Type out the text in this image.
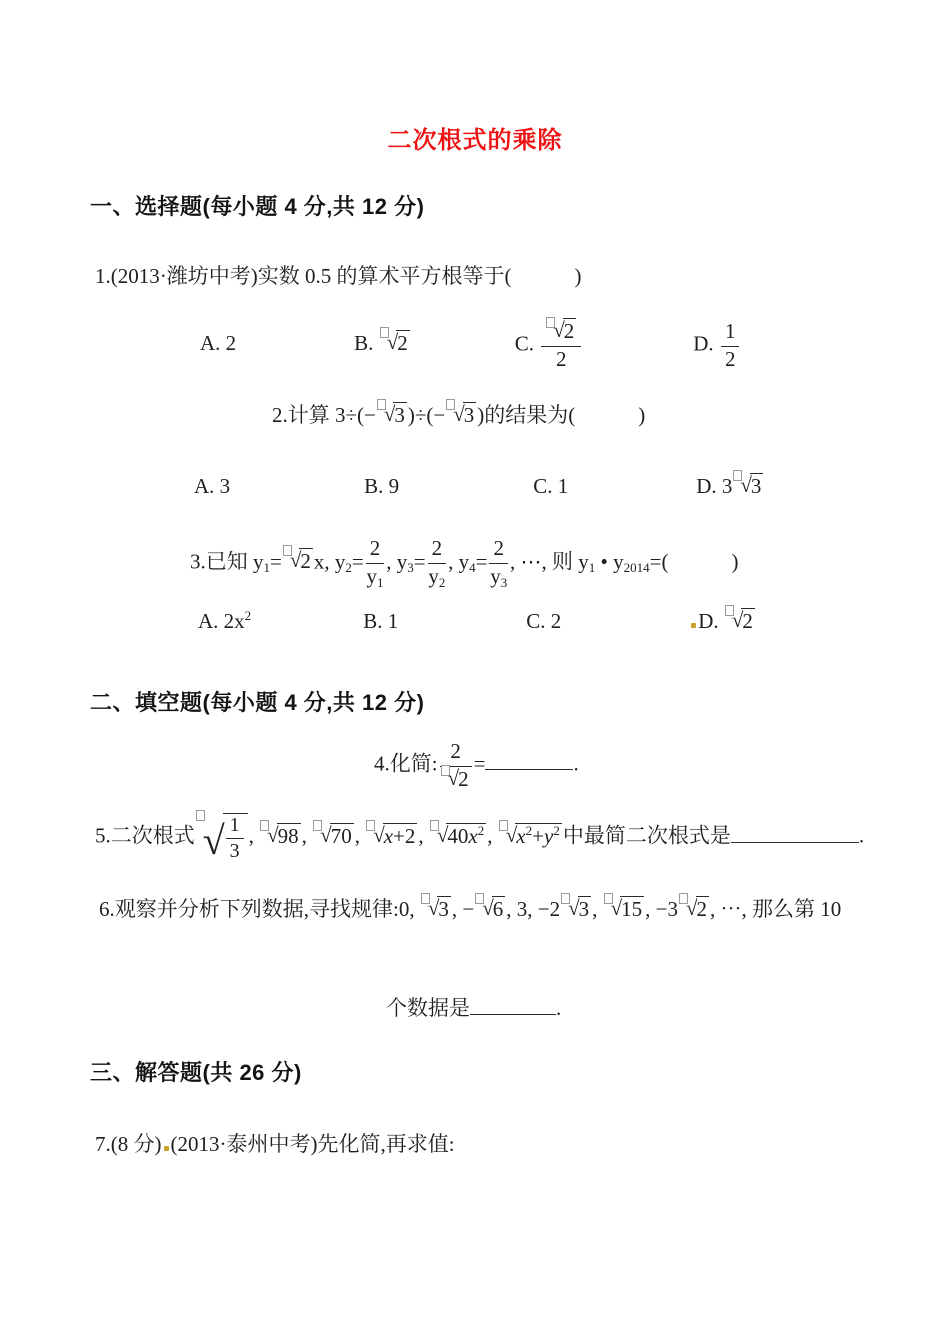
二次根式的乘除
一、选择题(每小题 4 分,共 12 分)
1.(2013·潍坊中考)实数 0.5 的算术平方根等于(　　　)
A. 2	B.
√2	C. $\frac{√2}{2}$	D. $\frac{1}{2}$
2.计算 3÷(− √3 )÷(− √3 )的结果为(　　　)
A. 3	B. 9	C. 1	D. 3 √3
3.已知 y1= √2 x, $y2= \frac{2}{y1}$ , $y3= \frac{2}{y2}$ , $y4= \frac{2}{y3}$ , ⋯, 则 y1 • y2014=(　　　)
A. $2x^2$	B. 1	C. 2	D.
√2
二、填空题(每小题 4 分,共 12 分)
4.化简: $\frac{2}{√2}$ =	.
5.二次根式 √ $\frac{1}{3}$ ,
√98 ,
√70 ,
√x+2 ,
$√40x^2$ ,
$√x^2+y^2$ 中最简二次根式是	.
6.观察并分析下列数据,寻找规律:0,
√3 , − √6 , 3, −2 √3 ,
√15 , −3 √2 , ⋯, 那么第 10
个数据是	.
三、解答题(共 26 分)
7.(8 分) (2013·泰州中考)先化简,再求值:
